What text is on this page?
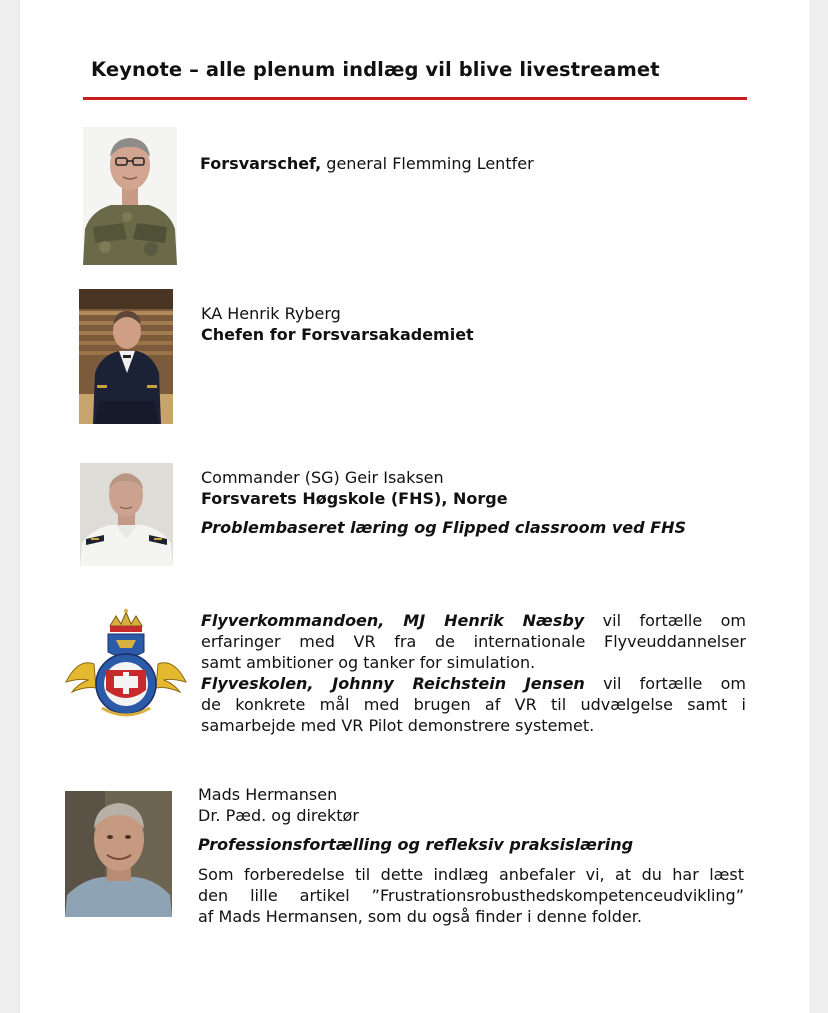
Keynote – alle plenum indlæg vil blive livestreamet
Forsvarschef, general Flemming Lentfer
KA Henrik Ryberg
Chefen for Forsvarsakademiet
Commander (SG) Geir Isaksen
Forsvarets Høgskole (FHS), Norge
Problembaseret læring og Flipped classroom ved FHS
Flyverkommandoen, MJ Henrik Næsby vil fortælle om
erfaringer med VR fra de internationale Flyveuddannelser
samt ambitioner og tanker for simulation.
Flyveskolen, Johnny Reichstein Jensen vil fortælle om
de konkrete mål med brugen af VR til udvælgelse samt i
samarbejde med VR Pilot demonstrere systemet.
Mads Hermansen
Dr. Pæd. og direktør
Professionsfortælling og refleksiv praksislæring
Som forberedelse til dette indlæg anbefaler vi, at du har læst
den lille artikel ”Frustrationsrobusthedskompetenceudvikling”
af Mads Hermansen, som du også finder i denne folder.
